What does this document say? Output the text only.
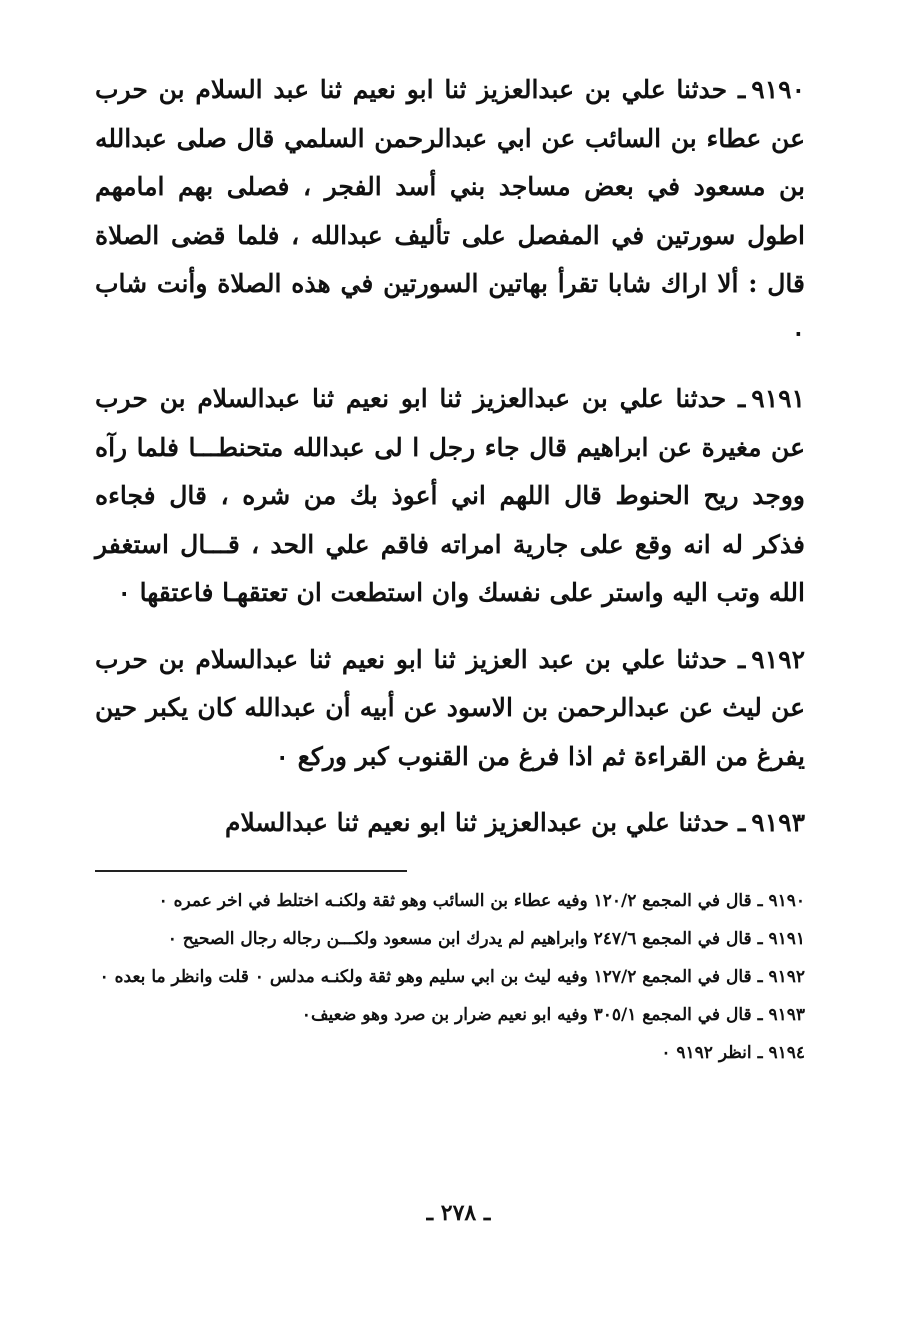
٩١٩٠ـ حدثنا علي بن عبدالعزيز ثنا ابو نعيم ثنا عبد السلام بن حرب عن عطاء بن السائب عن ابي عبدالرحمن السلمي قال صلى عبدالله بن مسعود في بعض مساجد بني أسد الفجر ، فصلى بهم امامهم اطول سورتين في المفصل على تأليف عبدالله ، فلما قضى الصلاة قال : ألا اراك شابا تقرأ بهاتين السورتين في هذه الصلاة وأنت شاب ٠

٩١٩١ـ حدثنا علي بن عبدالعزيز ثنا ابو نعيم ثنا عبدالسلام بن حرب عن مغيرة عن ابراهيم قال جاء رجل ا لى عبدالله متحنطـــا فلما رآه ووجد ريح الحنوط قال اللهم اني أعوذ بك من شره ، قال فجاءه فذكر له انه وقع على جارية امراته فاقم علي الحد ، قـــال استغفر الله وتب اليه واستر على نفسك وان استطعت ان تعتقهـا فاعتقها ٠

٩١٩٢ـ حدثنا علي بن عبد العزيز ثنا ابو نعيم ثنا عبدالسلام بن حرب عن ليث عن عبدالرحمن بن الاسود عن أبيه أن عبدالله كان يكبر حين يفرغ من القراءة ثم اذا فرغ من القنوب كبر وركع ٠

٩١٩٣ـ حدثنا علي بن عبدالعزيز ثنا ابو نعيم ثنا عبدالسلام

٩١٩٠ ـ قال في المجمع ١٢٠/٢ وفيه عطاء بن السائب وهو ثقة ولكنـه اختلط في اخر عمره ٠

٩١٩١ ـ قال في المجمع ٢٤٧/٦ وابراهيم لم يدرك ابن مسعود ولكـــن رجاله رجال الصحيح ٠

٩١٩٢ ـ قال في المجمع ١٢٧/٢ وفيه ليث بن ابي سليم وهو ثقة ولكنـه مدلس ٠ قلت وانظر ما بعده ٠

٩١٩٣ ـ قال في المجمع ٣٠٥/١ وفيه ابو نعيم ضرار بن صرد وهو ضعيف٠

٩١٩٤ ـ انظر ٩١٩٢ ٠

ـ ٢٧٨ ـ
